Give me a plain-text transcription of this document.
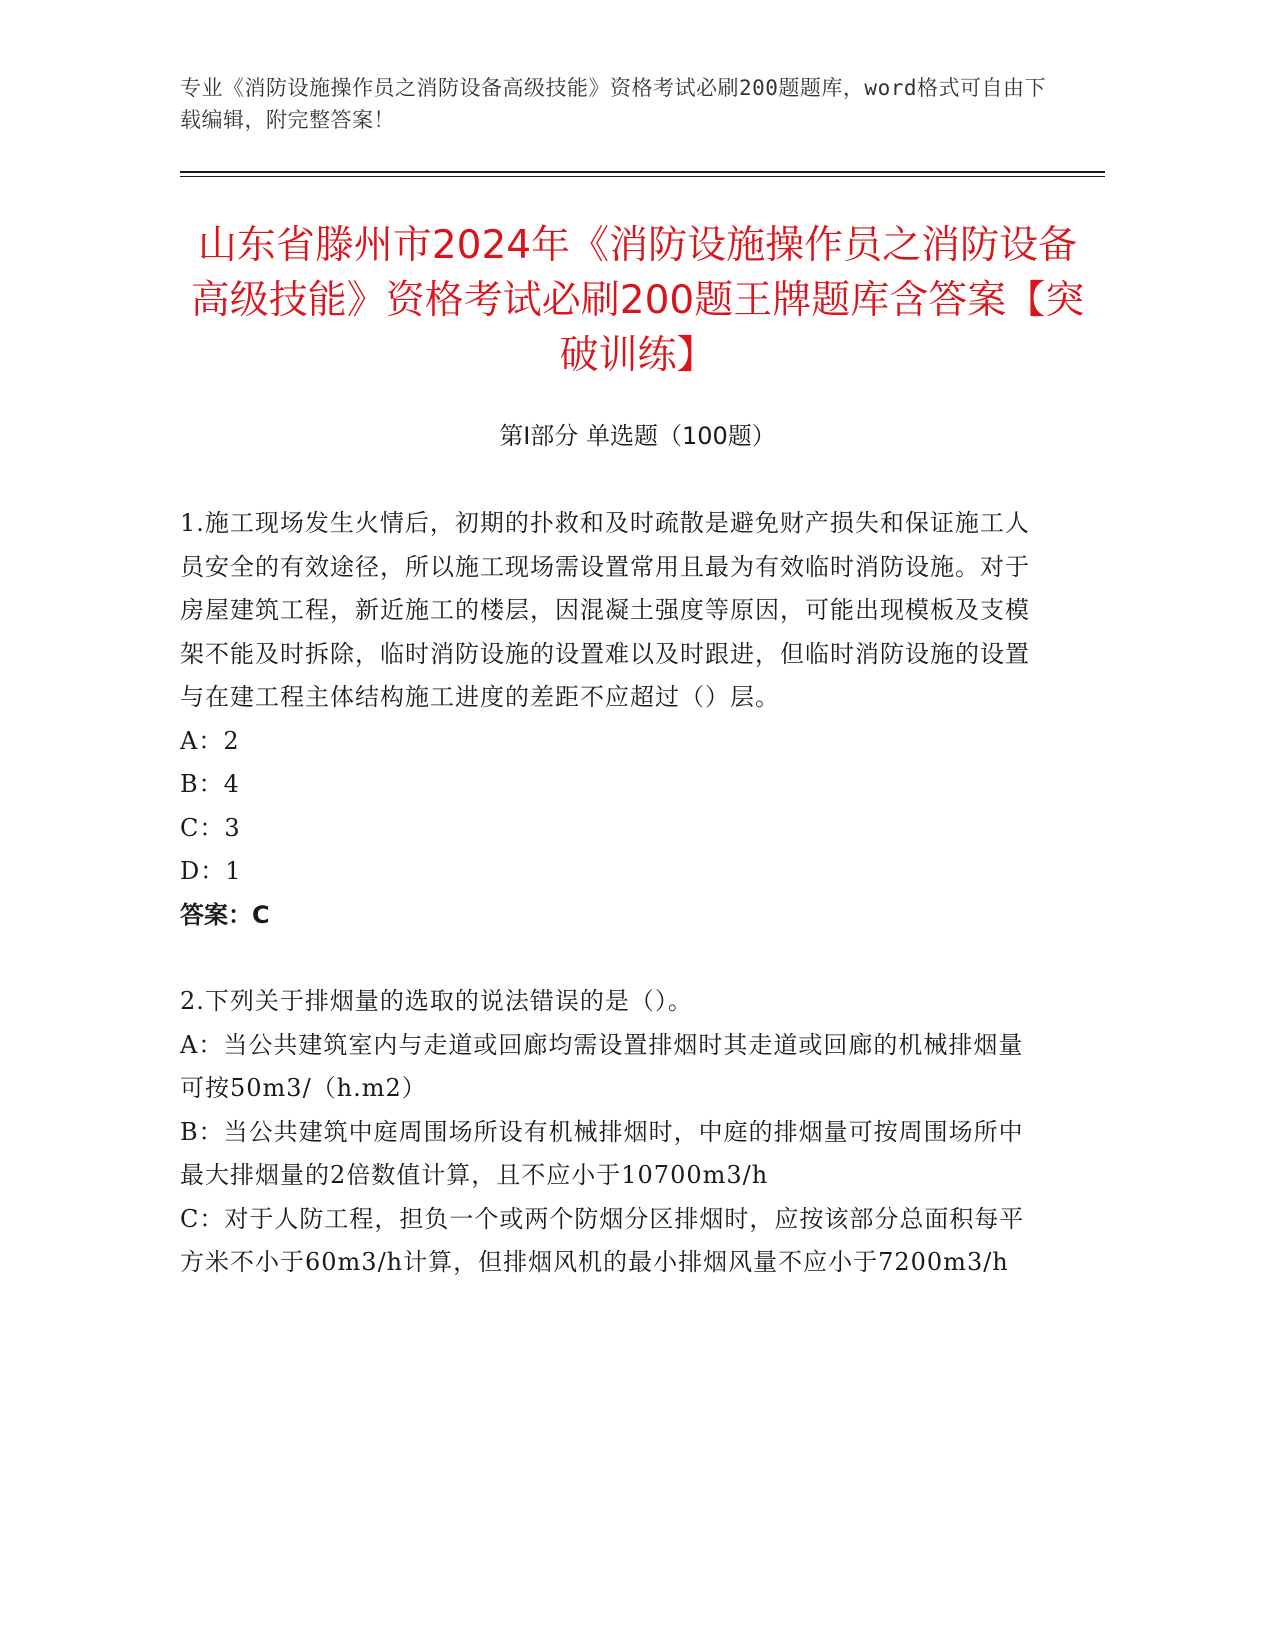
专业《消防设施操作员之消防设备高级技能》资格考试必刷200题题库，word格式可自由下载编辑，附完整答案！
山东省滕州市2024年《消防设施操作员之消防设备高级技能》资格考试必刷200题王牌题库含答案【突破训练】
第I部分 单选题（100题）

1.施工现场发生火情后，初期的扑救和及时疏散是避免财产损失和保证施工人员安全的有效途径，所以施工现场需设置常用且最为有效临时消防设施。对于房屋建筑工程，新近施工的楼层，因混凝土强度等原因，可能出现模板及支模架不能及时拆除，临时消防设施的设置难以及时跟进，但临时消防设施的设置与在建工程主体结构施工进度的差距不应超过（）层。

A：2

B：4

C：3

D：1

答案：C

2.下列关于排烟量的选取的说法错误的是（）。

A：当公共建筑室内与走道或回廊均需设置排烟时其走道或回廊的机械排烟量可按50m3/（h.m2）

B：当公共建筑中庭周围场所设有机械排烟时，中庭的排烟量可按周围场所中最大排烟量的2倍数值计算，且不应小于10700m3/h

C：对于人防工程，担负一个或两个防烟分区排烟时，应按该部分总面积每平方米不小于60m3/h计算，但排烟风机的最小排烟风量不应小于7200m3/h
